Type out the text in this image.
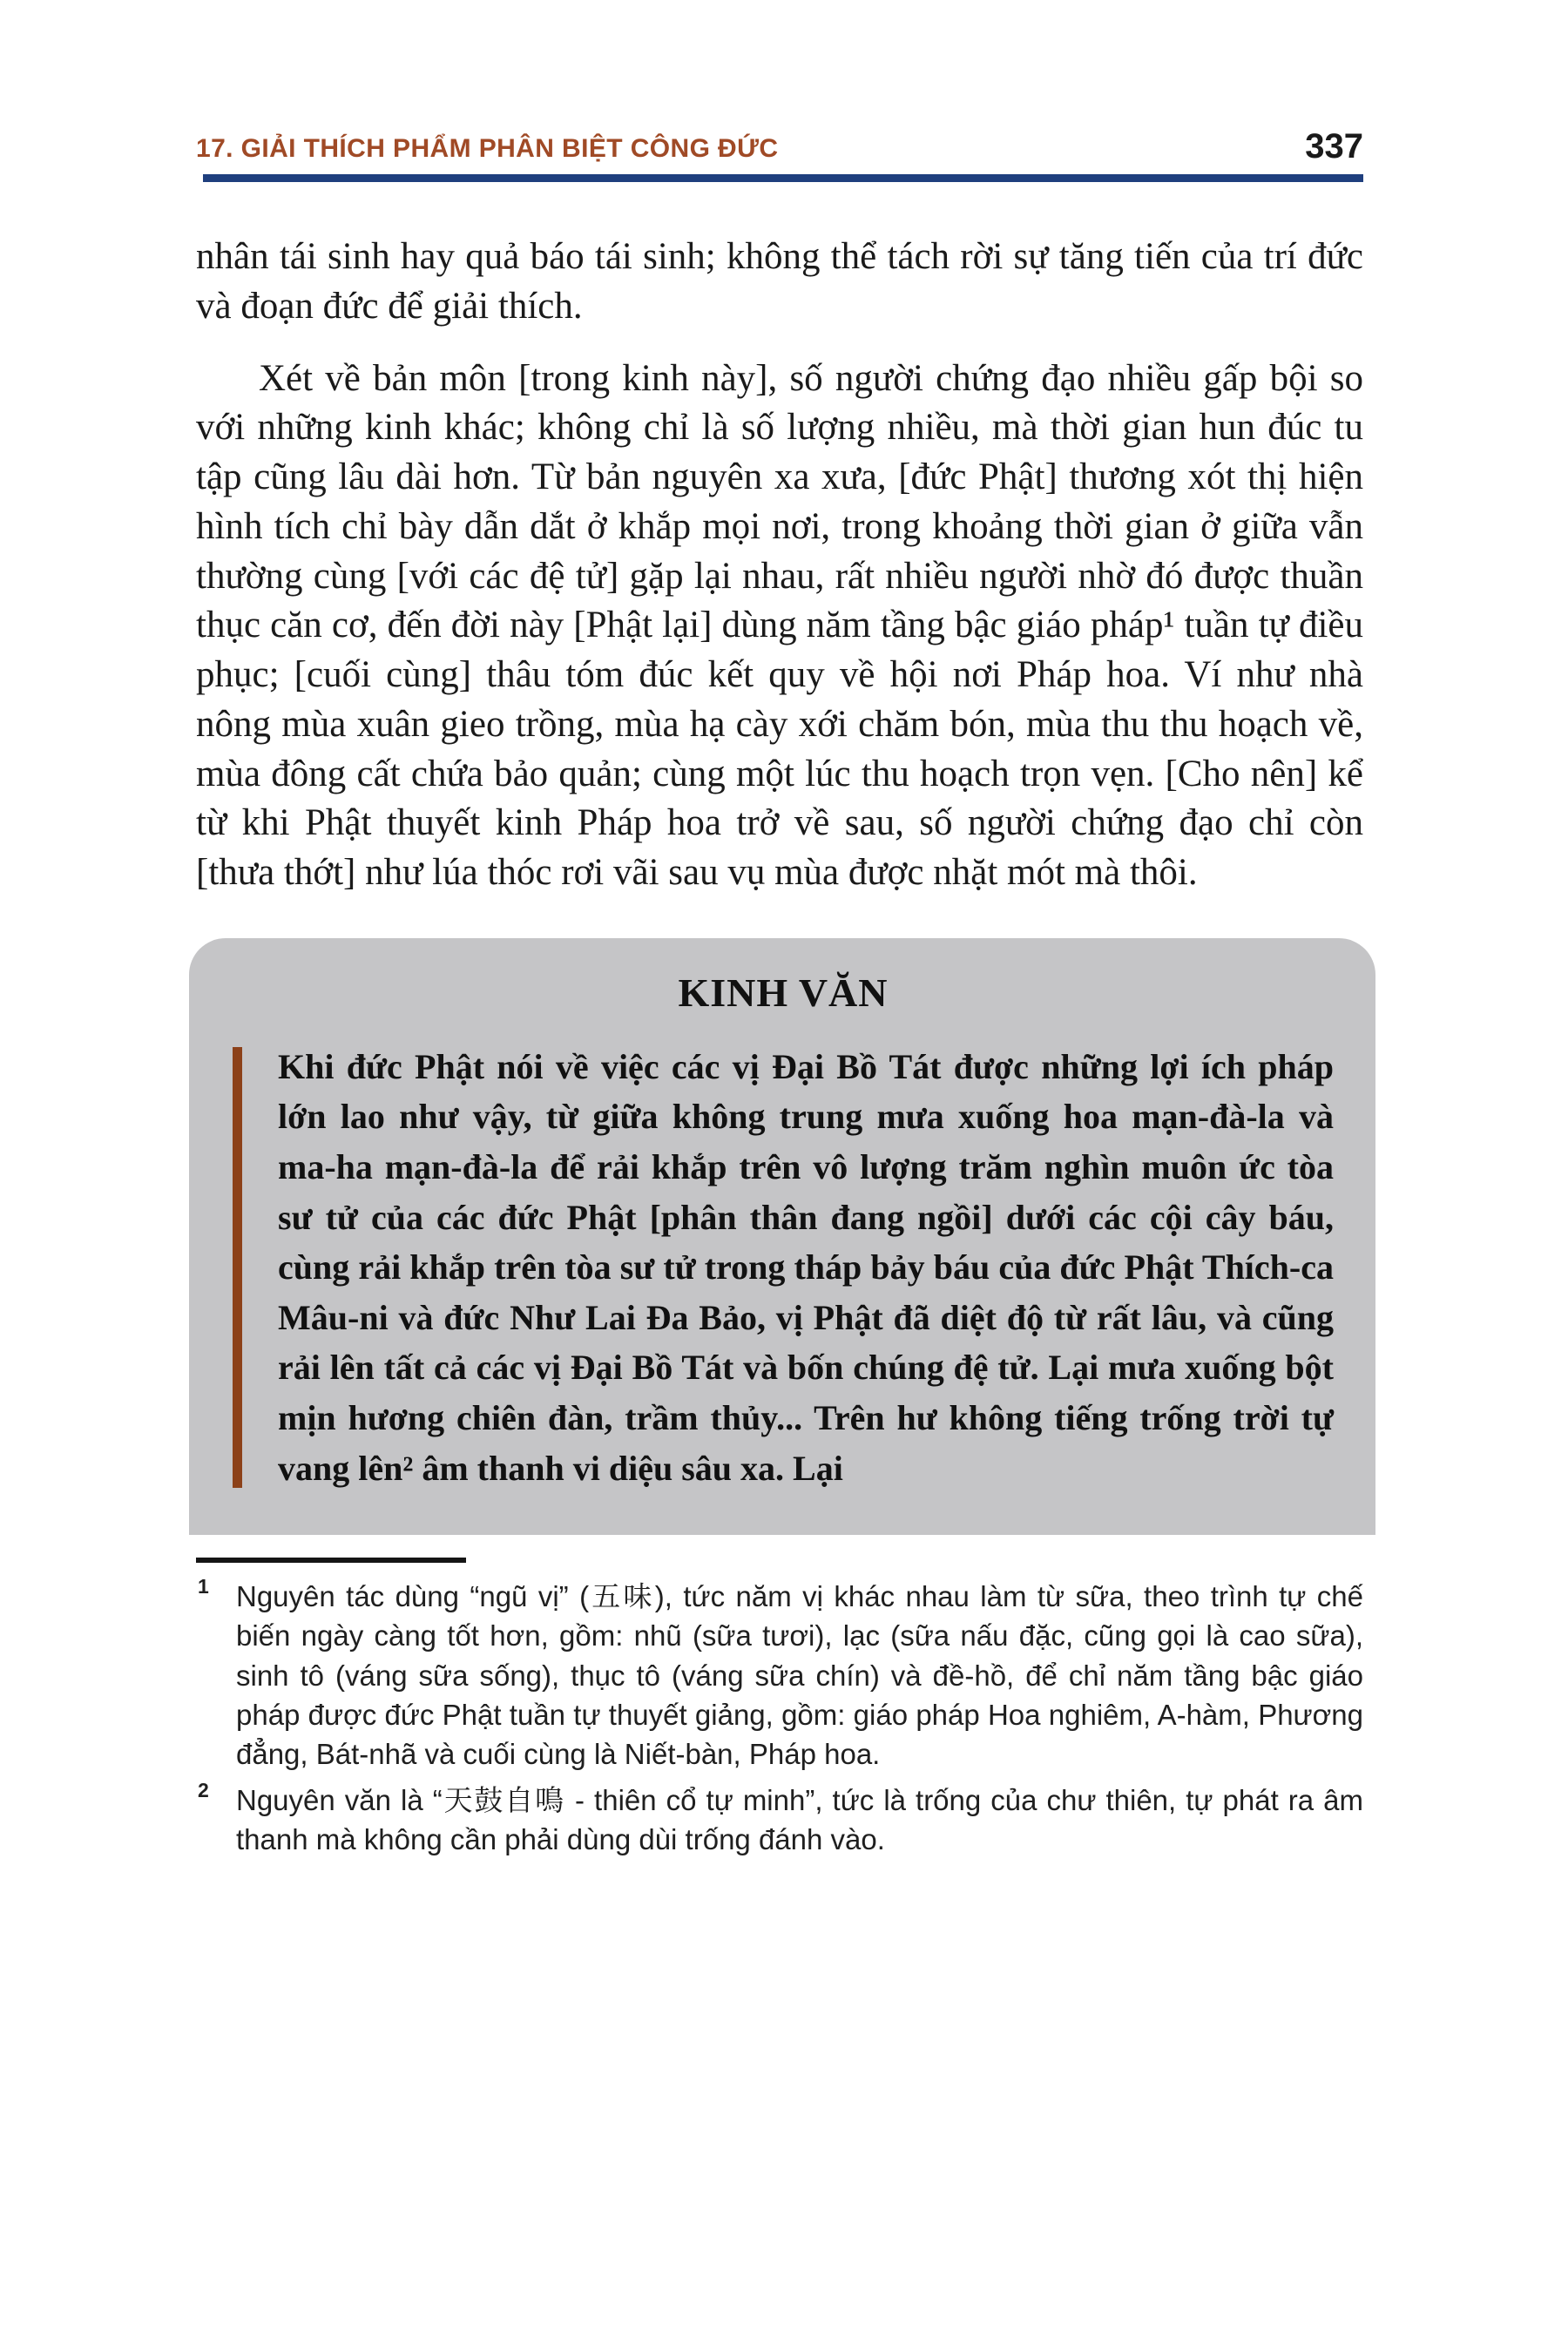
17. GIẢI THÍCH PHẨM PHÂN BIỆT CÔNG ĐỨC	337

nhân tái sinh hay quả báo tái sinh; không thể tách rời sự tăng tiến của trí đức và đoạn đức để giải thích.

Xét về bản môn [trong kinh này], số người chứng đạo nhiều gấp bội so với những kinh khác; không chỉ là số lượng nhiều, mà thời gian hun đúc tu tập cũng lâu dài hơn. Từ bản nguyên xa xưa, [đức Phật] thương xót thị hiện hình tích chỉ bày dẫn dắt ở khắp mọi nơi, trong khoảng thời gian ở giữa vẫn thường cùng [với các đệ tử] gặp lại nhau, rất nhiều người nhờ đó được thuần thục căn cơ, đến đời này [Phật lại] dùng năm tầng bậc giáo pháp¹ tuần tự điều phục; [cuối cùng] thâu tóm đúc kết quy về hội nơi Pháp hoa. Ví như nhà nông mùa xuân gieo trồng, mùa hạ cày xới chăm bón, mùa thu thu hoạch về, mùa đông cất chứa bảo quản; cùng một lúc thu hoạch trọn vẹn. [Cho nên] kể từ khi Phật thuyết kinh Pháp hoa trở về sau, số người chứng đạo chỉ còn [thưa thớt] như lúa thóc rơi vãi sau vụ mùa được nhặt mót mà thôi.

KINH VĂN

Khi đức Phật nói về việc các vị Đại Bồ Tát được những lợi ích pháp lớn lao như vậy, từ giữa không trung mưa xuống hoa mạn-đà-la và ma-ha mạn-đà-la để rải khắp trên vô lượng trăm nghìn muôn ức tòa sư tử của các đức Phật [phân thân đang ngồi] dưới các cội cây báu, cùng rải khắp trên tòa sư tử trong tháp bảy báu của đức Phật Thích-ca Mâu-ni và đức Như Lai Đa Bảo, vị Phật đã diệt độ từ rất lâu, và cũng rải lên tất cả các vị Đại Bồ Tát và bốn chúng đệ tử. Lại mưa xuống bột mịn hương chiên đàn, trầm thủy... Trên hư không tiếng trống trời tự vang lên² âm thanh vi diệu sâu xa. Lại

1 Nguyên tác dùng “ngũ vị” (五味), tức năm vị khác nhau làm từ sữa, theo trình tự chế biến ngày càng tốt hơn, gồm: nhũ (sữa tươi), lạc (sữa nấu đặc, cũng gọi là cao sữa), sinh tô (váng sữa sống), thục tô (váng sữa chín) và đề-hồ, để chỉ năm tầng bậc giáo pháp được đức Phật tuần tự thuyết giảng, gồm: giáo pháp Hoa nghiêm, A-hàm, Phương đẳng, Bát-nhã và cuối cùng là Niết-bàn, Pháp hoa.
2 Nguyên văn là “天鼓自鳴 - thiên cổ tự minh”, tức là trống của chư thiên, tự phát ra âm thanh mà không cần phải dùng dùi trống đánh vào.
